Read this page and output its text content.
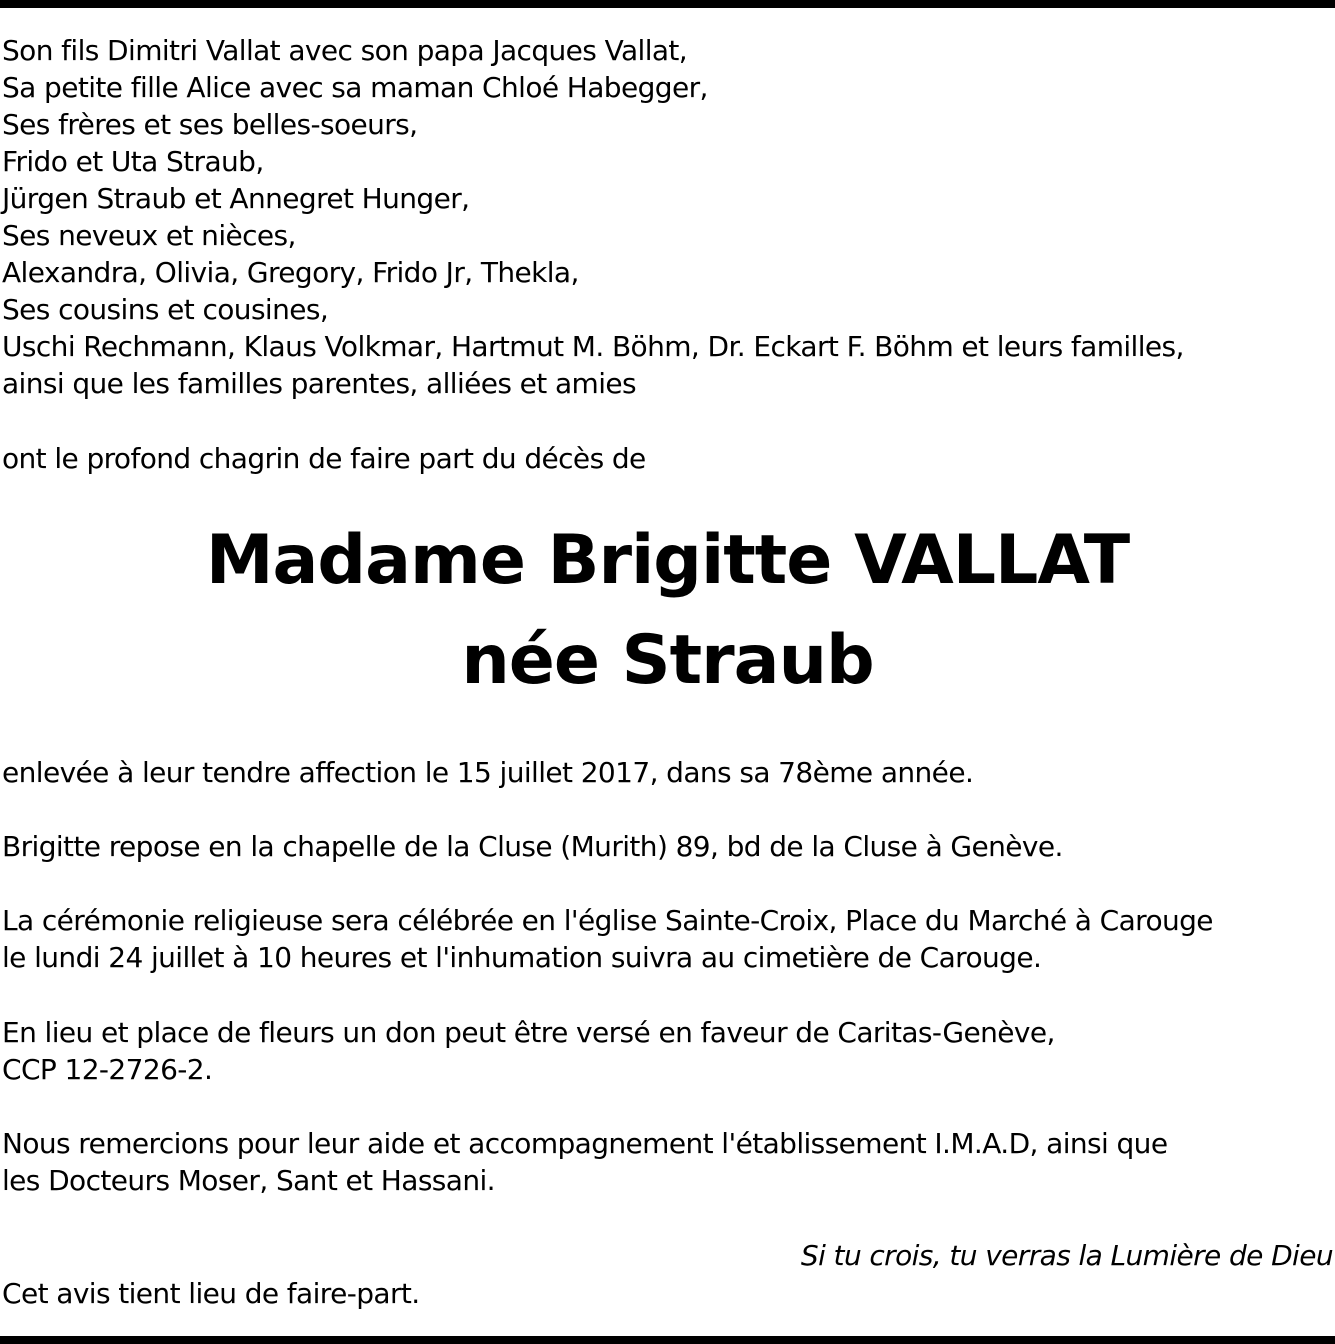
Son fils Dimitri Vallat avec son papa Jacques Vallat,
Sa petite fille Alice avec sa maman Chloé Habegger,
Ses frères et ses belles-soeurs,
Frido et Uta Straub,
Jürgen Straub et Annegret Hunger,
Ses neveux et nièces,
Alexandra, Olivia, Gregory, Frido Jr, Thekla,
Ses cousins et cousines,
Uschi Rechmann, Klaus Volkmar, Hartmut M. Böhm, Dr. Eckart F. Böhm et leurs familles,
ainsi que les familles parentes, alliées et amies
ont le profond chagrin de faire part du décès de
Madame Brigitte VALLAT
née Straub
enlevée à leur tendre affection le 15 juillet 2017, dans sa 78ème année.
Brigitte repose en la chapelle de la Cluse (Murith) 89, bd de la Cluse à Genève.
La cérémonie religieuse sera célébrée en l'église Sainte-Croix, Place du Marché à Carouge
le lundi 24 juillet à 10 heures et l'inhumation suivra au cimetière de Carouge.
En lieu et place de fleurs un don peut être versé en faveur de Caritas-Genève,
CCP 12-2726-2.
Nous remercions pour leur aide et accompagnement l'établissement I.M.A.D, ainsi que
les Docteurs Moser, Sant et Hassani.
Si tu crois, tu verras la Lumière de Dieu
Cet avis tient lieu de faire-part.
